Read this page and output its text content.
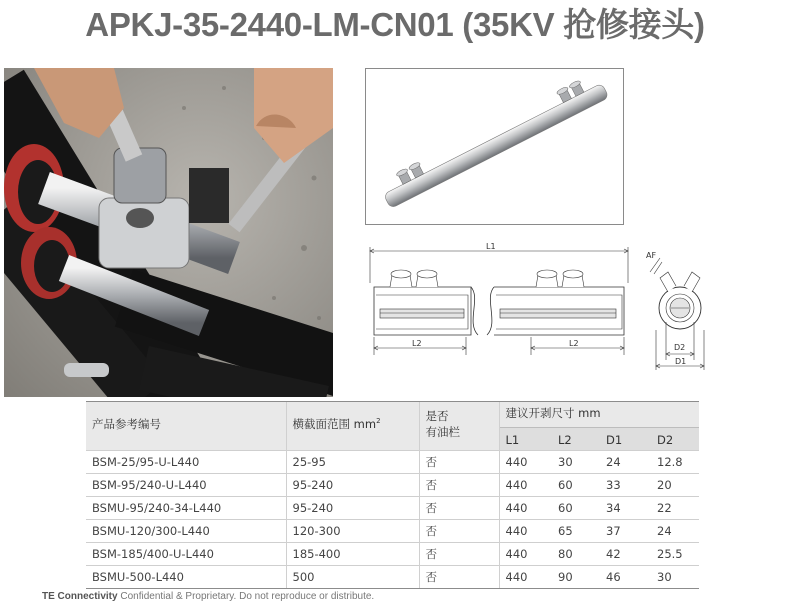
APKJ-35-2440-LM-CN01 (35KV 抢修接头)
L1
L2	L2
AF
D2
D1
产品参考编号	横截面范围 $mm^2$	是否
有油栏	建议开剥尺寸 mm			
			L1	L2	D1	D2
BSM-25/95-U-L440	25-95	否	440	30	24	12.8
BSM-95/240-U-L440	95-240	否	440	60	33	20
BSMU-95/240-34-L440	95-240	否	440	60	34	22
BSMU-120/300-L440	120-300	否	440	65	37	24
BSM-185/400-U-L440	185-400	否	440	80	42	25.5
BSMU-500-L440	500	否	440	90	46	30
TE Connectivity Confidential & Proprietary. Do not reproduce or distribute.
